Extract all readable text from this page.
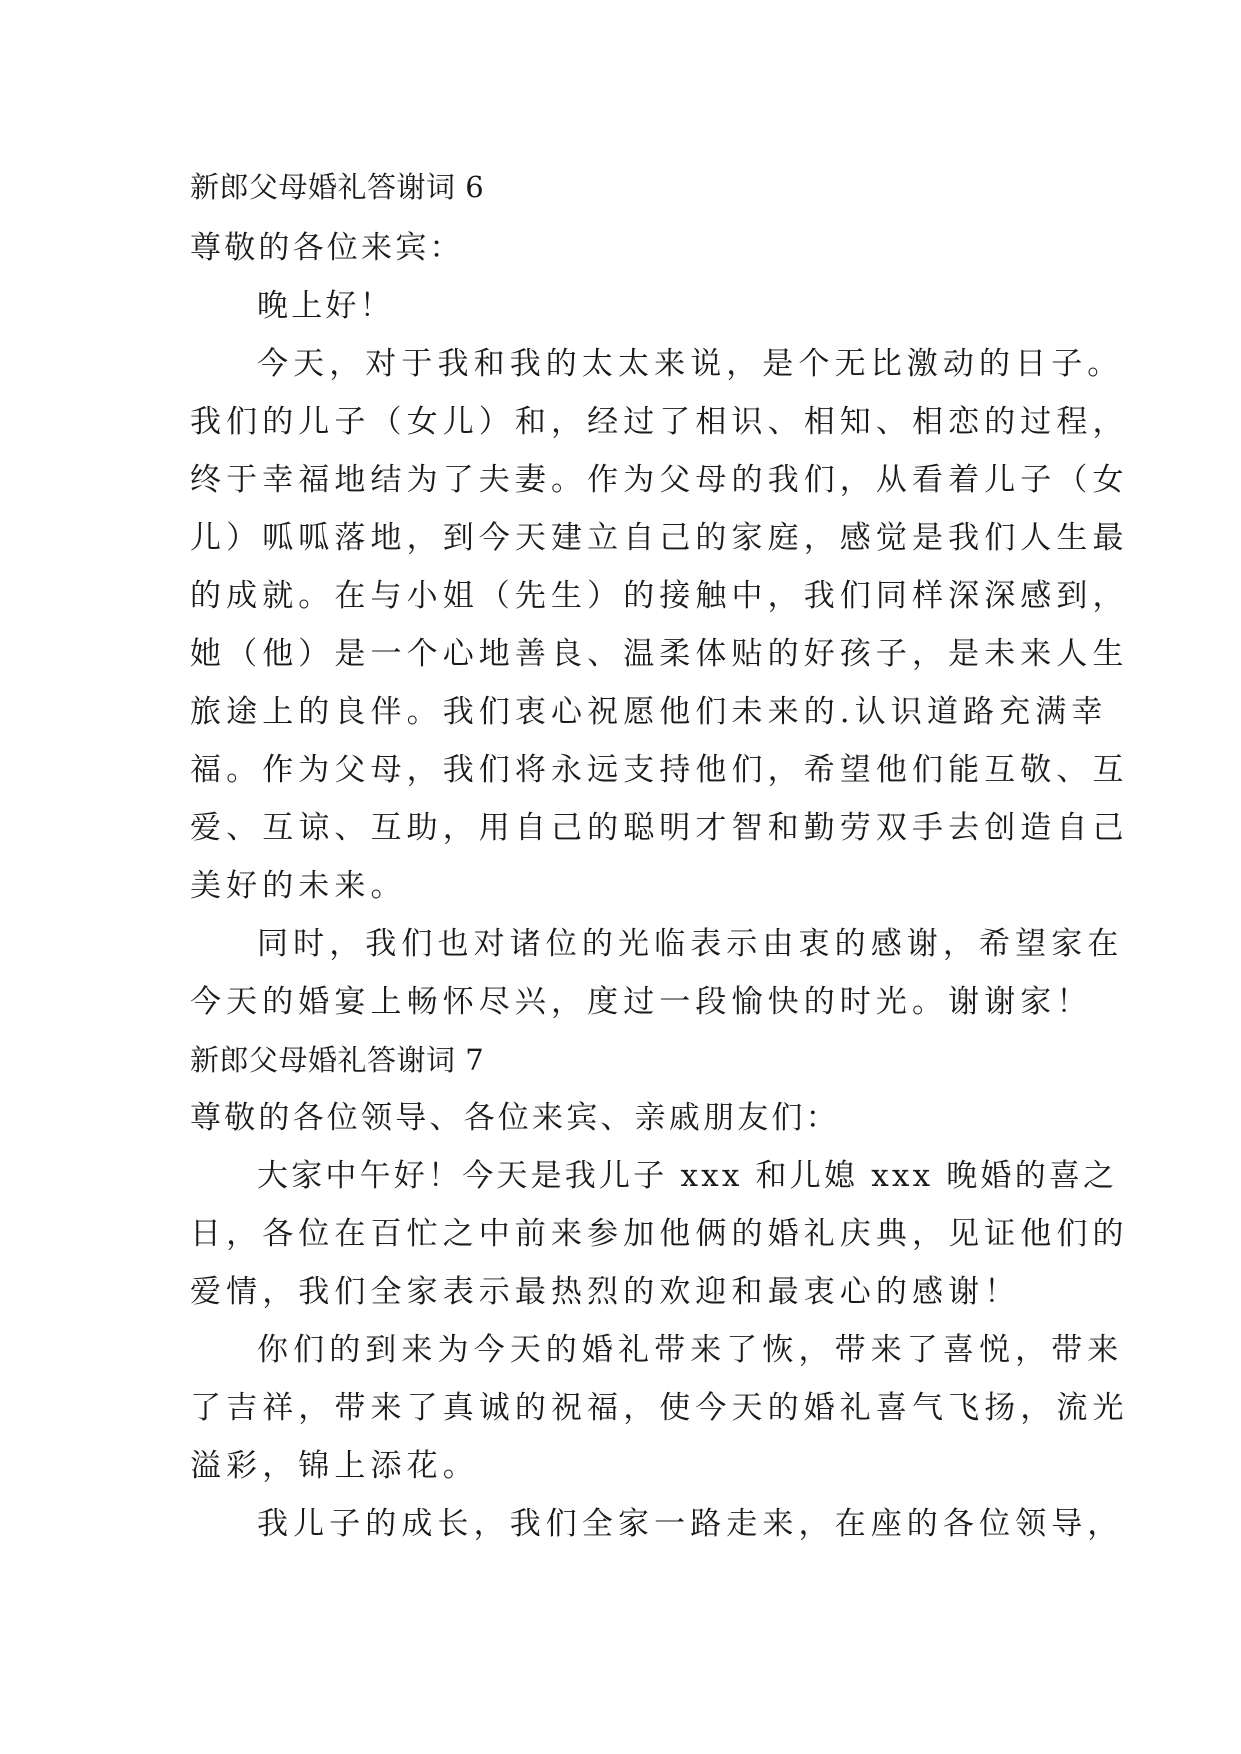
新郎父母婚礼答谢词 6
尊敬的各位来宾：
晚上好！
今天，对于我和我的太太来说，是个无比激动的日子。
我们的儿子（女儿）和，经过了相识、相知、相恋的过程，
终于幸福地结为了夫妻。作为父母的我们，从看着儿子（女
儿）呱呱落地，到今天建立自己的家庭，感觉是我们人生最
的成就。在与小姐（先生）的接触中，我们同样深深感到，
她（他）是一个心地善良、温柔体贴的好孩子，是未来人生
旅途上的良伴。我们衷心祝愿他们未来的.认识道路充满幸
福。作为父母，我们将永远支持他们，希望他们能互敬、互
爱、互谅、互助，用自己的聪明才智和勤劳双手去创造自己
美好的未来。
同时，我们也对诸位的光临表示由衷的感谢，希望家在
今天的婚宴上畅怀尽兴，度过一段愉快的时光。谢谢家！
新郎父母婚礼答谢词 7
尊敬的各位领导、各位来宾、亲戚朋友们：
大家中午好！今天是我儿子 xxx 和儿媳 xxx 晚婚的喜之
日，各位在百忙之中前来参加他俩的婚礼庆典，见证他们的
爱情，我们全家表示最热烈的欢迎和最衷心的感谢！
你们的到来为今天的婚礼带来了恢，带来了喜悦，带来
了吉祥，带来了真诚的祝福，使今天的婚礼喜气飞扬，流光
溢彩，锦上添花。
我儿子的成长，我们全家一路走来，在座的各位领导，
